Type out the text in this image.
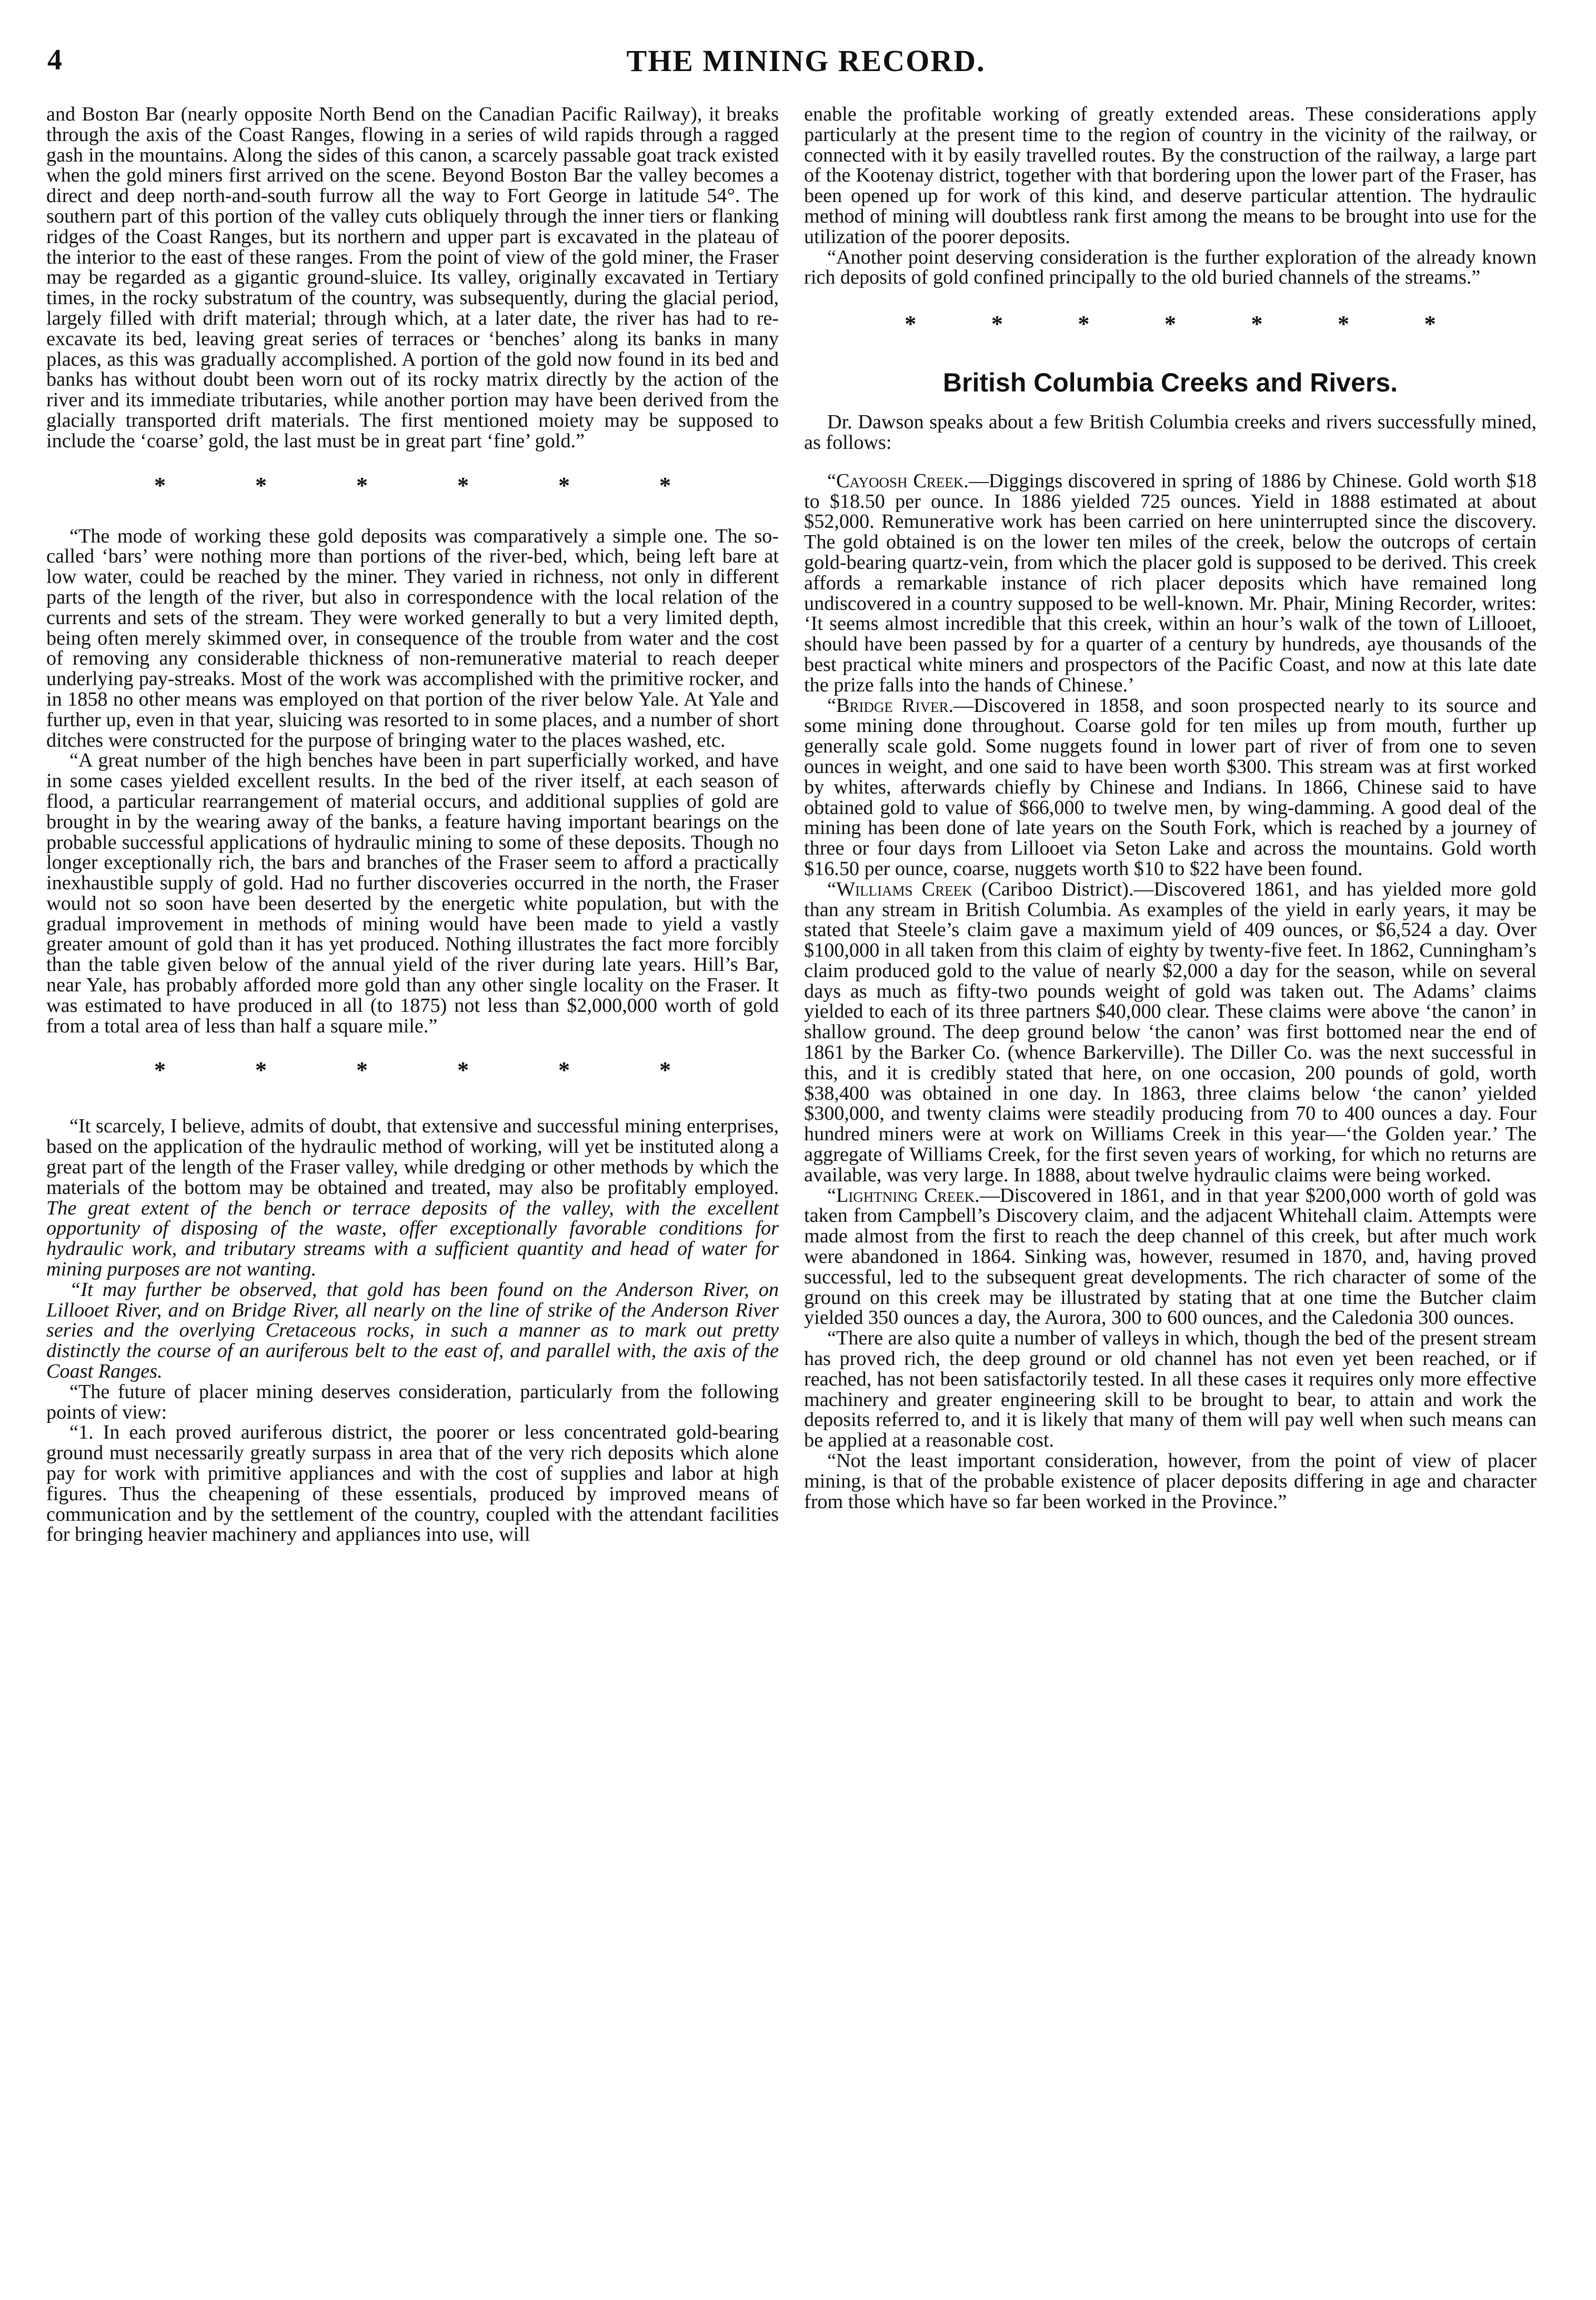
4	THE MINING RECORD.

and Boston Bar (nearly opposite North Bend on the Canadian Pacific Railway), it breaks through the axis of the Coast Ranges, flowing in a series of wild rapids through a ragged gash in the mountains. Along the sides of this canon, a scarcely passable goat track existed when the gold miners first arrived on the scene. Beyond Boston Bar the valley becomes a direct and deep north-and-south furrow all the way to Fort George in latitude 54°. The southern part of this portion of the valley cuts obliquely through the inner tiers or flanking ridges of the Coast Ranges, but its northern and upper part is excavated in the plateau of the interior to the east of these ranges. From the point of view of the gold miner, the Fraser may be regarded as a gigantic ground-sluice. Its valley, originally excavated in Tertiary times, in the rocky substratum of the country, was subsequently, during the glacial period, largely filled with drift material; through which, at a later date, the river has had to re-excavate its bed, leaving great series of terraces or ‘benches’ along its banks in many places, as this was gradually accomplished. A portion of the gold now found in its bed and banks has without doubt been worn out of its rocky matrix directly by the action of the river and its immediate tributaries, while another portion may have been derived from the glacially transported drift materials. The first mentioned moiety may be supposed to include the ‘coarse’ gold, the last must be in great part ‘fine’ gold.”

*	*	*	*	*	*

“The mode of working these gold deposits was comparatively a simple one. The so-called ‘bars’ were nothing more than portions of the river-bed, which, being left bare at low water, could be reached by the miner. They varied in richness, not only in different parts of the length of the river, but also in correspondence with the local relation of the currents and sets of the stream. They were worked generally to but a very limited depth, being often merely skimmed over, in consequence of the trouble from water and the cost of removing any considerable thickness of non-remunerative material to reach deeper underlying pay-streaks. Most of the work was accomplished with the primitive rocker, and in 1858 no other means was employed on that portion of the river below Yale. At Yale and further up, even in that year, sluicing was resorted to in some places, and a number of short ditches were constructed for the purpose of bringing water to the places washed, etc.

“A great number of the high benches have been in part superficially worked, and have in some cases yielded excellent results. In the bed of the river itself, at each season of flood, a particular rearrangement of material occurs, and additional supplies of gold are brought in by the wearing away of the banks, a feature having important bearings on the probable successful applications of hydraulic mining to some of these deposits. Though no longer exceptionally rich, the bars and branches of the Fraser seem to afford a practically inexhaustible supply of gold. Had no further discoveries occurred in the north, the Fraser would not so soon have been deserted by the energetic white population, but with the gradual improvement in methods of mining would have been made to yield a vastly greater amount of gold than it has yet produced. Nothing illustrates the fact more forcibly than the table given below of the annual yield of the river during late years. Hill’s Bar, near Yale, has probably afforded more gold than any other single locality on the Fraser. It was estimated to have produced in all (to 1875) not less than $2,000,000 worth of gold from a total area of less than half a square mile.”

*	*	*	*	*	*

“It scarcely, I believe, admits of doubt, that extensive and successful mining enterprises, based on the application of the hydraulic method of working, will yet be instituted along a great part of the length of the Fraser valley, while dredging or other methods by which the materials of the bottom may be obtained and treated, may also be profitably employed. The great extent of the bench or terrace deposits of the valley, with the excellent opportunity of disposing of the waste, offer exceptionally favorable conditions for hydraulic work, and tributary streams with a sufficient quantity and head of water for mining purposes are not wanting.

“It may further be observed, that gold has been found on the Anderson River, on Lillooet River, and on Bridge River, all nearly on the line of strike of the Anderson River series and the overlying Cretaceous rocks, in such a manner as to mark out pretty distinctly the course of an auriferous belt to the east of, and parallel with, the axis of the Coast Ranges.

“The future of placer mining deserves consideration, particularly from the following points of view:

“1. In each proved auriferous district, the poorer or less concentrated gold-bearing ground must necessarily greatly surpass in area that of the very rich deposits which alone pay for work with primitive appliances and with the cost of supplies and labor at high figures. Thus the cheapening of these essentials, produced by improved means of communication and by the settlement of the country, coupled with the attendant facilities for bringing heavier machinery and appliances into use, will

enable the profitable working of greatly extended areas. These considerations apply particularly at the present time to the region of country in the vicinity of the railway, or connected with it by easily travelled routes. By the construction of the railway, a large part of the Kootenay district, together with that bordering upon the lower part of the Fraser, has been opened up for work of this kind, and deserve particular attention. The hydraulic method of mining will doubtless rank first among the means to be brought into use for the utilization of the poorer deposits.

“Another point deserving consideration is the further exploration of the already known rich deposits of gold confined principally to the old buried channels of the streams.”

*	*	*	*	*	*	*
British Columbia Creeks and Rivers.

Dr. Dawson speaks about a few British Columbia creeks and rivers successfully mined, as follows:

“Cayoosh Creek.—Diggings discovered in spring of 1886 by Chinese. Gold worth $18 to $18.50 per ounce. In 1886 yielded 725 ounces. Yield in 1888 estimated at about $52,000. Remunerative work has been carried on here uninterrupted since the discovery. The gold obtained is on the lower ten miles of the creek, below the outcrops of certain gold-bearing quartz-vein, from which the placer gold is supposed to be derived. This creek affords a remarkable instance of rich placer deposits which have remained long undiscovered in a country supposed to be well-known. Mr. Phair, Mining Recorder, writes: ‘It seems almost incredible that this creek, within an hour’s walk of the town of Lillooet, should have been passed by for a quarter of a century by hundreds, aye thousands of the best practical white miners and prospectors of the Pacific Coast, and now at this late date the prize falls into the hands of Chinese.’

“Bridge River.—Discovered in 1858, and soon prospected nearly to its source and some mining done throughout. Coarse gold for ten miles up from mouth, further up generally scale gold. Some nuggets found in lower part of river of from one to seven ounces in weight, and one said to have been worth $300. This stream was at first worked by whites, afterwards chiefly by Chinese and Indians. In 1866, Chinese said to have obtained gold to value of $66,000 to twelve men, by wing-damming. A good deal of the mining has been done of late years on the South Fork, which is reached by a journey of three or four days from Lillooet via Seton Lake and across the mountains. Gold worth $16.50 per ounce, coarse, nuggets worth $10 to $22 have been found.

“Williams Creek (Cariboo District).—Discovered 1861, and has yielded more gold than any stream in British Columbia. As examples of the yield in early years, it may be stated that Steele’s claim gave a maximum yield of 409 ounces, or $6,524 a day. Over $100,000 in all taken from this claim of eighty by twenty-five feet. In 1862, Cunningham’s claim produced gold to the value of nearly $2,000 a day for the season, while on several days as much as fifty-two pounds weight of gold was taken out. The Adams’ claims yielded to each of its three partners $40,000 clear. These claims were above ‘the canon’ in shallow ground. The deep ground below ‘the canon’ was first bottomed near the end of 1861 by the Barker Co. (whence Barkerville). The Diller Co. was the next successful in this, and it is credibly stated that here, on one occasion, 200 pounds of gold, worth $38,400 was obtained in one day. In 1863, three claims below ‘the canon’ yielded $300,000, and twenty claims were steadily producing from 70 to 400 ounces a day. Four hundred miners were at work on Williams Creek in this year—‘the Golden year.’ The aggregate of Williams Creek, for the first seven years of working, for which no returns are available, was very large. In 1888, about twelve hydraulic claims were being worked.

“Lightning Creek.—Discovered in 1861, and in that year $200,000 worth of gold was taken from Campbell’s Discovery claim, and the adjacent Whitehall claim. Attempts were made almost from the first to reach the deep channel of this creek, but after much work were abandoned in 1864. Sinking was, however, resumed in 1870, and, having proved successful, led to the subsequent great developments. The rich character of some of the ground on this creek may be illustrated by stating that at one time the Butcher claim yielded 350 ounces a day, the Aurora, 300 to 600 ounces, and the Caledonia 300 ounces.

“There are also quite a number of valleys in which, though the bed of the present stream has proved rich, the deep ground or old channel has not even yet been reached, or if reached, has not been satisfactorily tested. In all these cases it requires only more effective machinery and greater engineering skill to be brought to bear, to attain and work the deposits referred to, and it is likely that many of them will pay well when such means can be applied at a reasonable cost.

“Not the least important consideration, however, from the point of view of placer mining, is that of the probable existence of placer deposits differing in age and character from those which have so far been worked in the Province.”
